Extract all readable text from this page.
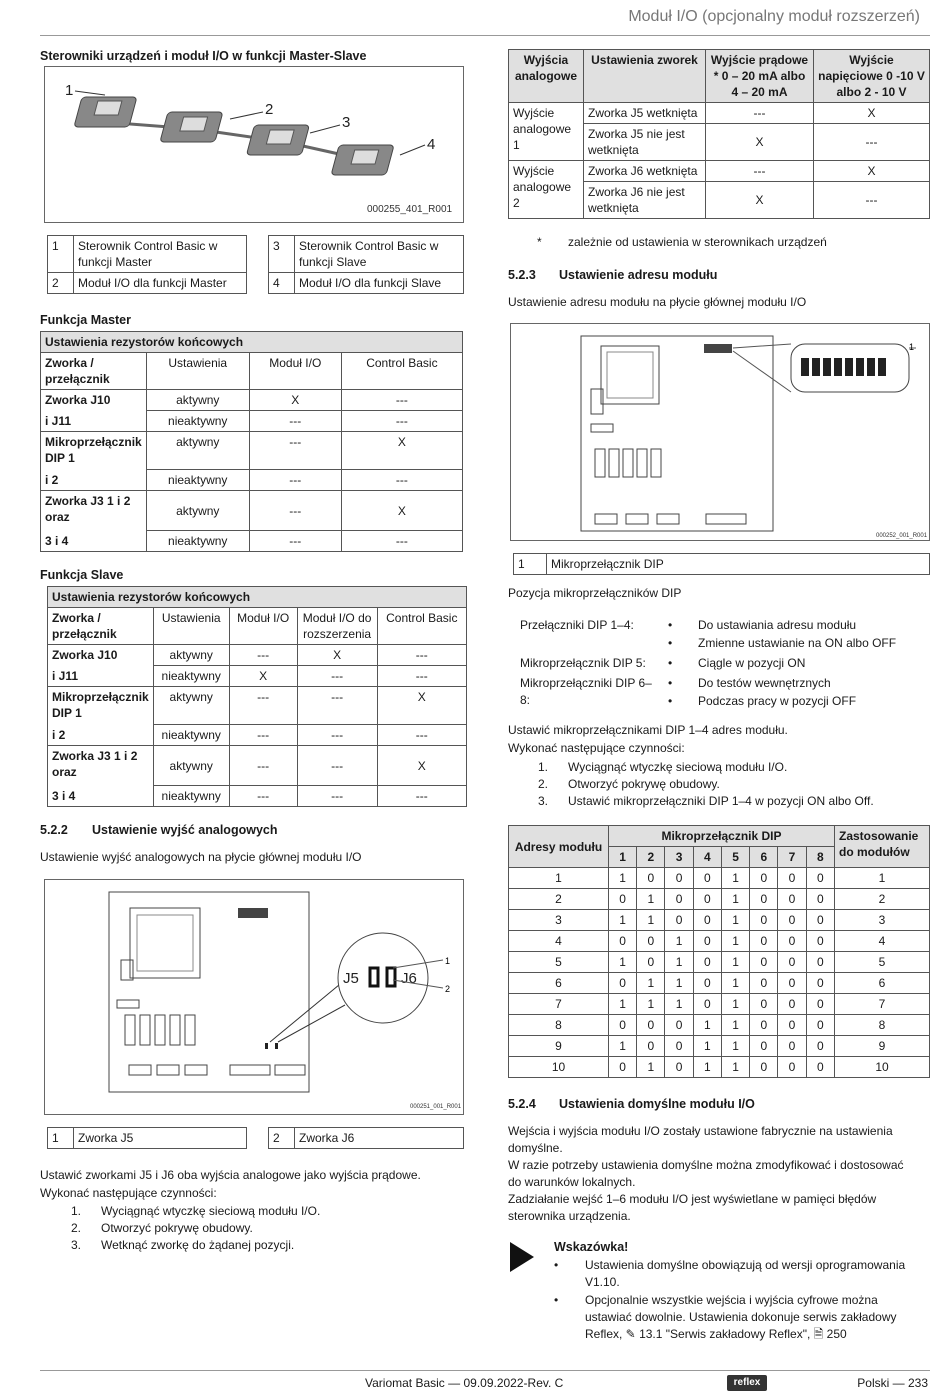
Moduł I/O (opcjonalny moduł rozszerzeń)
Sterowniki urządzeń i moduł I/O w funkcji Master-Slave
1
2
3
4
000255_401_R001
1	Sterownik Control Basic w funkcji Master
2	Moduł I/O dla funkcji Master
3	Sterownik Control Basic w funkcji Slave
4	Moduł I/O dla funkcji Slave
Funkcja Master
Ustawienia rezystorów końcowych			
Zworka / przełącznik	Ustawienia	Moduł I/O	Control Basic
Zworka J10	aktywny	X	---
i J11	nieaktywny	---	---
Mikroprzełącznik DIP 1	aktywny	---	X
i 2	nieaktywny	---	---
Zworka J3 1 i 2 oraz	aktywny	---	X
3 i 4	nieaktywny	---	---
Funkcja Slave
Ustawienia rezystorów końcowych				
Zworka / przełącznik	Ustawienia	Moduł I/O	Moduł I/O do rozszerzenia	Control Basic
Zworka J10	aktywny	---	X	---
i J11	nieaktywny	X	---	---
Mikroprzełącznik DIP 1	aktywny	---	---	X
i 2	nieaktywny	---	---	---
Zworka J3 1 i 2 oraz	aktywny	---	---	X
3 i 4	nieaktywny	---	---	---
5.2.2 Ustawienie wyjść analogowych
Ustawienie wyjść analogowych na płycie głównej modułu I/O
J5	J6
1
2
000251_001_R001
1	Zworka J5	2	Zworka J6
Ustawić zworkami J5 i J6 oba wyjścia analogowe jako wyjścia prądowe.
Wykonać następujące czynności:
1.	Wyciągnąć wtyczkę sieciową modułu I/O.
2.	Otworzyć pokrywę obudowy.
3.	Wetknąć zworkę do żądanej pozycji.
Wyjścia analogowe	Ustawienia zworek	Wyjście prądowe * 0 – 20 mA albo 4 – 20 mA	Wyjście napięciowe 0 -10 V albo 2 - 10 V
Wyjście analogowe 1	Zworka J5 wetknięta	---	X
	Zworka J5 nie jest wetknięta	X	---
Wyjście analogowe 2	Zworka J6 wetknięta	---	X
	Zworka J6 nie jest wetknięta	X	---
* zależnie od ustawienia w sterownikach urządzeń
5.2.3 Ustawienie adresu modułu
Ustawienie adresu modułu na płycie głównej modułu I/O
1
000252_001_R001
1	Mikroprzełącznik DIP
Pozycja mikroprzełączników DIP
Przełączniki DIP 1–4:	• Do ustawiania adresu modułu
• Zmienne ustawianie na ON albo OFF
Mikroprzełącznik DIP 5:	• Ciągle w pozycji ON
Mikroprzełączniki DIP 6–8:
• Do testów wewnętrznych
• Podczas pracy w pozycji OFF
Ustawić mikroprzełącznikami DIP 1–4 adres modułu.
Wykonać następujące czynności:
1.	Wyciągnąć wtyczkę sieciową modułu I/O.
2.	Otworzyć pokrywę obudowy.
3.	Ustawić mikroprzełączniki DIP 1–4 w pozycji ON albo Off.
Adresy modułu	Mikroprzełącznik DIP								Zastosowanie do modułów
	1	2	3	4	5	6	7	8	
1	1	0	0	0	1	0	0	0	1
2	0	1	0	0	1	0	0	0	2
3	1	1	0	0	1	0	0	0	3
4	0	0	1	0	1	0	0	0	4
5	1	0	1	0	1	0	0	0	5
6	0	1	1	0	1	0	0	0	6
7	1	1	1	0	1	0	0	0	7
8	0	0	0	1	1	0	0	0	8
9	1	0	0	1	1	0	0	0	9
10	0	1	0	1	1	0	0	0	10
5.2.4 Ustawienia domyślne modułu I/O
Wejścia i wyjścia modułu I/O zostały ustawione fabrycznie na ustawienia domyślne.
W razie potrzeby ustawienia domyślne można zmodyfikować i dostosować do warunków lokalnych.
Zadziałanie wejść 1–6 modułu I/O jest wyświetlane w pamięci błędów sterownika urządzenia.
Wskazówka!
• Ustawienia domyślne obowiązują od wersji oprogramowania V1.10.
• Opcjonalnie wszystkie wejścia i wyjścia cyfrowe można ustawiać dowolnie. Ustawienia dokonuje serwis zakładowy Reflex, ✎ 13.1 "Serwis zakładowy Reflex", 🗎 250
Variomat Basic — 09.09.2022-Rev. C	reflex	Polski — 233
